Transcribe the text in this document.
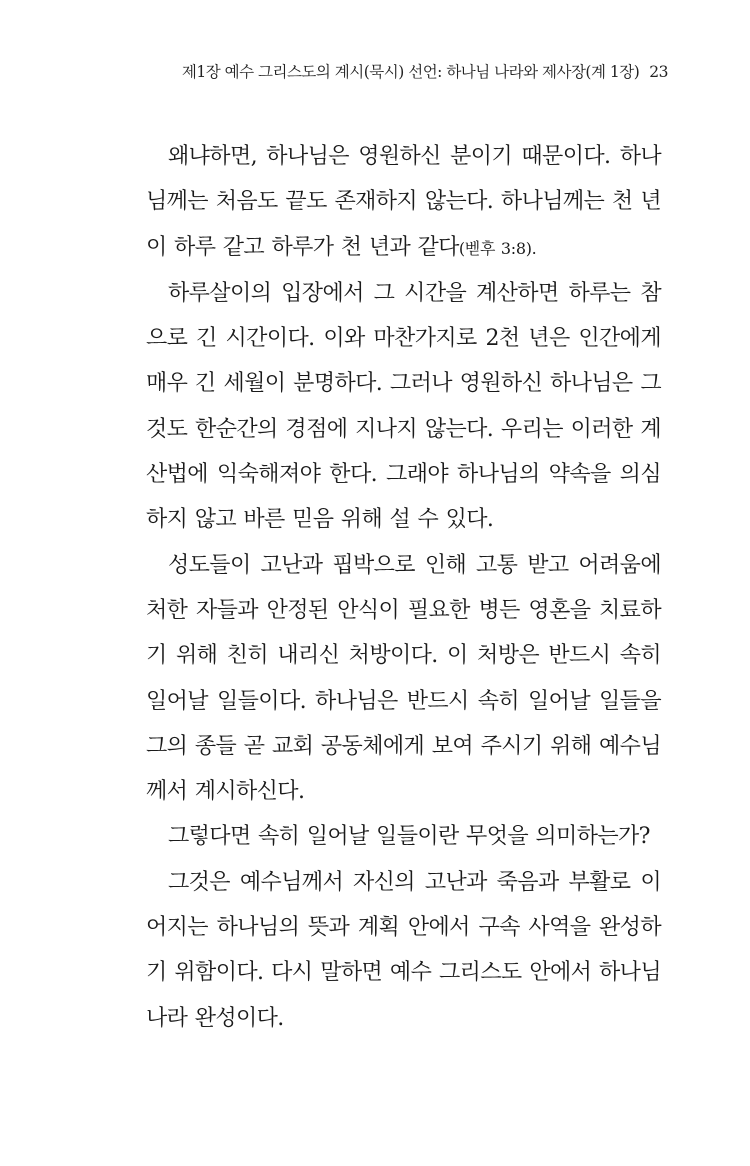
제1장 예수 그리스도의 계시(묵시) 선언: 하나님 나라와 제사장(계 1장) 23

왜냐하면, 하나님은 영원하신 분이기 때문이다. 하나님께는 처음도 끝도 존재하지 않는다. 하나님께는 천 년이 하루 같고 하루가 천 년과 같다(벧후 3:8).

하루살이의 입장에서 그 시간을 계산하면 하루는 참으로 긴 시간이다. 이와 마찬가지로 2천 년은 인간에게 매우 긴 세월이 분명하다. 그러나 영원하신 하나님은 그것도 한순간의 경점에 지나지 않는다. 우리는 이러한 계산법에 익숙해져야 한다. 그래야 하나님의 약속을 의심하지 않고 바른 믿음 위해 설 수 있다.

성도들이 고난과 핍박으로 인해 고통 받고 어려움에 처한 자들과 안정된 안식이 필요한 병든 영혼을 치료하기 위해 친히 내리신 처방이다. 이 처방은 반드시 속히 일어날 일들이다. 하나님은 반드시 속히 일어날 일들을 그의 종들 곧 교회 공동체에게 보여 주시기 위해 예수님께서 계시하신다.

그렇다면 속히 일어날 일들이란 무엇을 의미하는가?

그것은 예수님께서 자신의 고난과 죽음과 부활로 이어지는 하나님의 뜻과 계획 안에서 구속 사역을 완성하기 위함이다. 다시 말하면 예수 그리스도 안에서 하나님 나라 완성이다.
